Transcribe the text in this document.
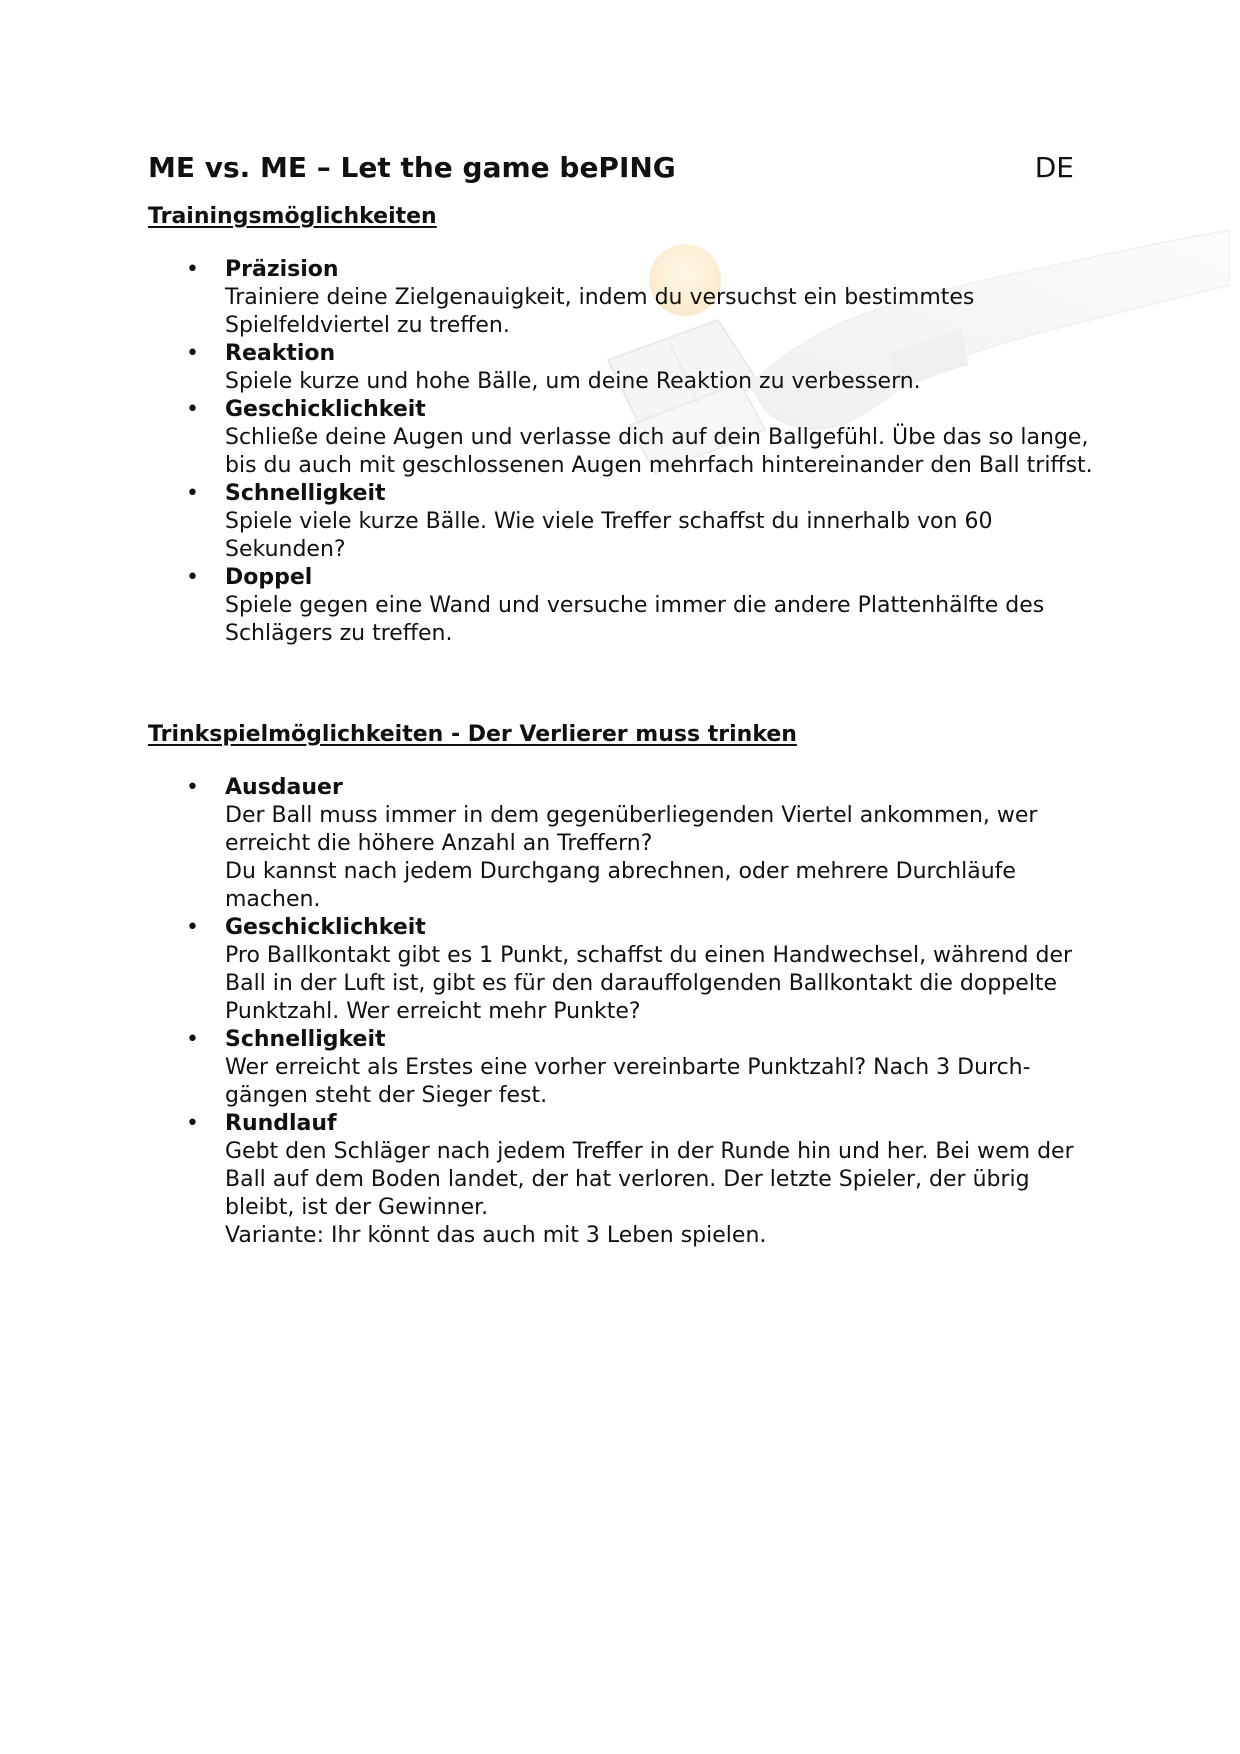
ME vs. ME – Let the game bePING	DE
Trainingsmöglichkeiten
• Präzision
Trainiere deine Zielgenauigkeit, indem du versuchst ein bestimmtes
Spielfeldviertel zu treffen.
• Reaktion
Spiele kurze und hohe Bälle, um deine Reaktion zu verbessern.
• Geschicklichkeit
Schließe deine Augen und verlasse dich auf dein Ballgefühl. Übe das so lange,
bis du auch mit geschlossenen Augen mehrfach hintereinander den Ball triffst.
• Schnelligkeit
Spiele viele kurze Bälle. Wie viele Treffer schaffst du innerhalb von 60
Sekunden?
• Doppel
Spiele gegen eine Wand und versuche immer die andere Plattenhälfte des
Schlägers zu treffen.
Trinkspielmöglichkeiten - Der Verlierer muss trinken
• Ausdauer
Der Ball muss immer in dem gegenüberliegenden Viertel ankommen, wer
erreicht die höhere Anzahl an Treffern?
Du kannst nach jedem Durchgang abrechnen, oder mehrere Durchläufe
machen.
• Geschicklichkeit
Pro Ballkontakt gibt es 1 Punkt, schaffst du einen Handwechsel, während der
Ball in der Luft ist, gibt es für den darauffolgenden Ballkontakt die doppelte
Punktzahl. Wer erreicht mehr Punkte?
• Schnelligkeit
Wer erreicht als Erstes eine vorher vereinbarte Punktzahl? Nach 3 Durch-
gängen steht der Sieger fest.
• Rundlauf
Gebt den Schläger nach jedem Treffer in der Runde hin und her. Bei wem der
Ball auf dem Boden landet, der hat verloren. Der letzte Spieler, der übrig
bleibt, ist der Gewinner.
Variante: Ihr könnt das auch mit 3 Leben spielen.
